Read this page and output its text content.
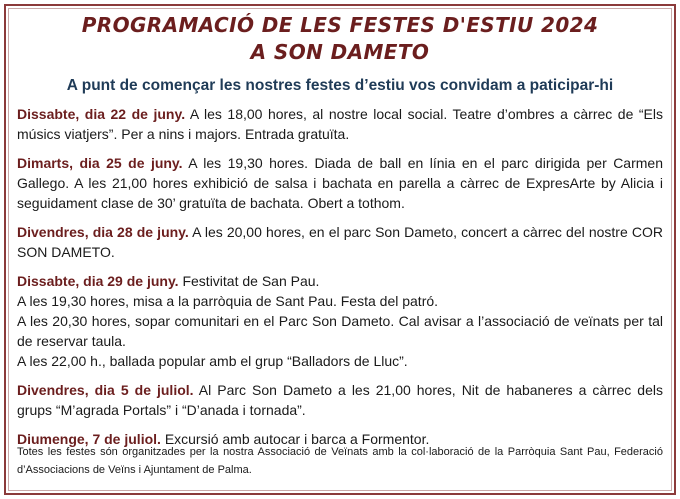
PROGRAMACIÓ DE LES FESTES D'ESTIU 2024
A SON DAMETO

A punt de començar les nostres festes d’estiu vos convidam a paticipar-hi

Dissabte, dia 22 de juny. A les 18,00 hores, al nostre local social. Teatre d’ombres a càrrec de “Els músics viatjers”. Per a nins i majors. Entrada gratuïta.

Dimarts, dia 25 de juny. A les 19,30 hores. Diada de ball en línia en el parc dirigida per Carmen Gallego. A les 21,00 hores exhibició de salsa i bachata en parella a càrrec de ExpresArte by Alicia i seguidament clase de 30’ gratuïta de bachata. Obert a tothom.

Divendres, dia 28 de juny. A les 20,00 hores, en el parc Son Dameto, concert a càrrec del nostre COR SON DAMETO.

Dissabte, dia 29 de juny. Festivitat de San Pau.
A les 19,30 hores, misa a la parròquia de Sant Pau. Festa del patró.
A les 20,30 hores, sopar comunitari en el Parc Son Dameto. Cal avisar a l’associació de veïnats per tal de reservar taula.
A les 22,00 h., ballada popular amb el grup “Balladors de Lluc”.

Divendres, dia 5 de juliol. Al Parc Son Dameto a les 21,00 hores, Nit de habaneres a càrrec dels grups “M’agrada Portals” i “D’anada i tornada”.

Diumenge, 7 de juliol. Excursió amb autocar i barca a Formentor.

Totes les festes són organitzades per la nostra Associació de Veïnats amb la col·laboració de la Parròquia Sant Pau, Federació d’Associacions de Veïns i Ajuntament de Palma.
